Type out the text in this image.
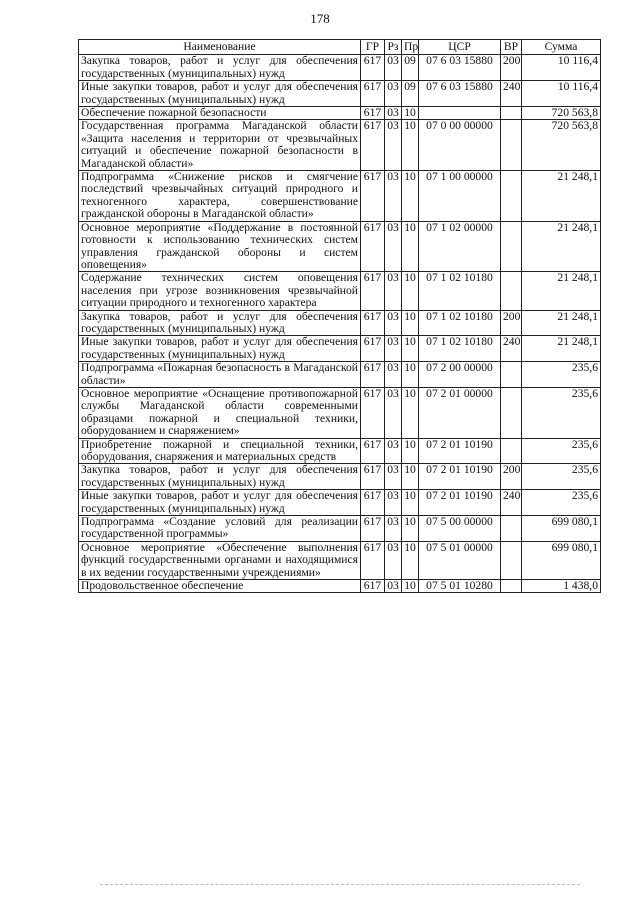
178
Наименование	ГР	Рз	Пр	ЦСР	ВР	Сумма
Закупка товаров, работ и услуг для обеспечения государственных (муниципальных) нужд	617	03	09	07 6 03 15880	200	10 116,4
Иные закупки товаров, работ и услуг для обеспечения государственных (муниципальных) нужд	617	03	09	07 6 03 15880	240	10 116,4
Обеспечение пожарной безопасности	617	03	10			720 563,8
Государственная программа Магаданской области «Защита населения и территории от чрезвычайных ситуаций и обеспечение пожарной безопасности в Магаданской области»	617	03	10	07 0 00 00000		720 563,8
Подпрограмма «Снижение рисков и смягчение последствий чрезвычайных ситуаций природного и техногенного характера, совершенствование гражданской обороны в Магаданской области»	617	03	10	07 1 00 00000		21 248,1
Основное мероприятие «Поддержание в постоянной готовности к использованию технических систем управления гражданской обороны и систем оповещения»	617	03	10	07 1 02 00000		21 248,1
Содержание технических систем оповещения населения при угрозе возникновения чрезвычайной ситуации природного и техногенного характера	617	03	10	07 1 02 10180		21 248,1
Закупка товаров, работ и услуг для обеспечения государственных (муниципальных) нужд	617	03	10	07 1 02 10180	200	21 248,1
Иные закупки товаров, работ и услуг для обеспечения государственных (муниципальных) нужд	617	03	10	07 1 02 10180	240	21 248,1
Подпрограмма «Пожарная безопасность в Магаданской области»	617	03	10	07 2 00 00000		235,6
Основное мероприятие «Оснащение противопожарной службы Магаданской области современными образцами пожарной и специальной техники, оборудованием и снаряжением»	617	03	10	07 2 01 00000		235,6
Приобретение пожарной и специальной техники, оборудования, снаряжения и материальных средств	617	03	10	07 2 01 10190		235,6
Закупка товаров, работ и услуг для обеспечения государственных (муниципальных) нужд	617	03	10	07 2 01 10190	200	235,6
Иные закупки товаров, работ и услуг для обеспечения государственных (муниципальных) нужд	617	03	10	07 2 01 10190	240	235,6
Подпрограмма «Создание условий для реализации государственной программы»	617	03	10	07 5 00 00000		699 080,1
Основное мероприятие «Обеспечение выполнения функций государственными органами и находящимися в их ведении государственными учреждениями»	617	03	10	07 5 01 00000		699 080,1
Продовольственное обеспечение	617	03	10	07 5 01 10280		1 438,0
